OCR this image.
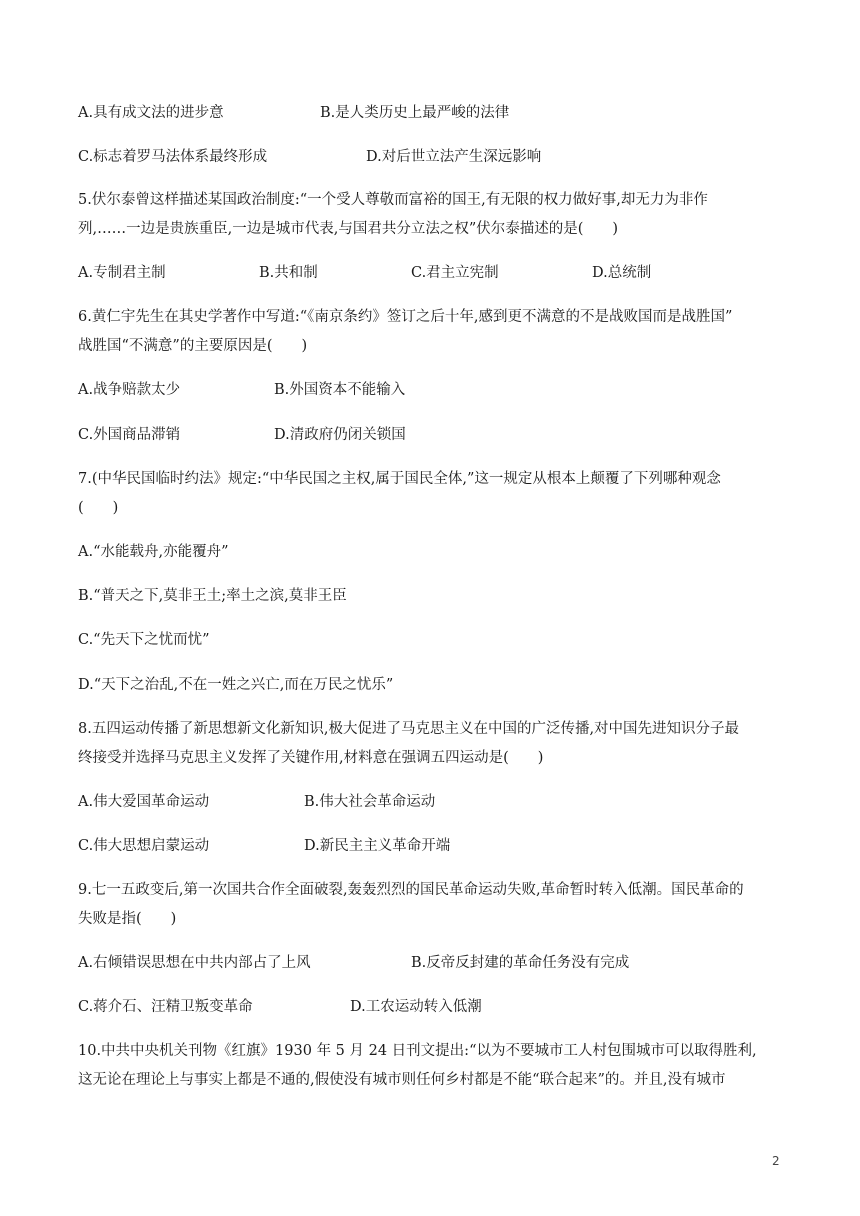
A.具有成文法的进步意	B.是人类历史上最严峻的法律
C.标志着罗马法体系最终形成	D.对后世立法产生深远影响
5.伏尔泰曾这样描述某国政治制度:“一个受人尊敬而富裕的国王,有无限的权力做好事,却无力为非作
列,……一边是贵族重臣,一边是城市代表,与国君共分立法之权”伏尔泰描述的是(　　)
A.专制君主制	B.共和制	C.君主立宪制	D.总统制
6.黄仁宇先生在其史学著作中写道:“《南京条约》签订之后十年,感到更不满意的不是战败国而是战胜国”
战胜国“不满意”的主要原因是(　　)
A.战争赔款太少	B.外国资本不能输入
C.外国商品滞销	D.清政府仍闭关锁国
7.(中华民国临时约法》规定:“中华民国之主权,属于国民全体,”这一规定从根本上颠覆了下列哪种观念
(　　)
A.“水能载舟,亦能覆舟”
B.“普天之下,莫非王土;率土之滨,莫非王臣
C.“先天下之忧而忧”
D.“天下之治乱,不在一姓之兴亡,而在万民之忧乐”
8.五四运动传播了新思想新文化新知识,极大促进了马克思主义在中国的广泛传播,对中国先进知识分子最
终接受并选择马克思主义发挥了关键作用,材料意在强调五四运动是(　　)
A.伟大爱国革命运动	B.伟大社会革命运动
C.伟大思想启蒙运动	D.新民主主义革命开端
9.七一五政变后,第一次国共合作全面破裂,轰轰烈烈的国民革命运动失败,革命暂时转入低潮。国民革命的
失败是指(　　)
A.右倾错误思想在中共内部占了上风	B.反帝反封建的革命任务没有完成
C.蒋介石、汪精卫叛变革命	D.工农运动转入低潮
10.中共中央机关刊物《红旗》1930 年 5 月 24 日刊文提出:“以为不要城市工人村包围城市可以取得胜利,
这无论在理论上与事实上都是不通的,假使没有城市则任何乡村都是不能“联合起来”的。并且,没有城市
2
